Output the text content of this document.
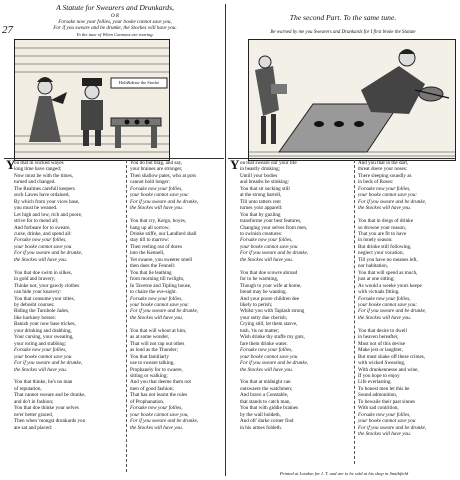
27
A Statute for Swearers and Drunkards,
O R
Forsake now your follies, your booke cannot save you,
For if you sweare and be drunke, the Stockes will have you.
To the tune of When Cannons are roaring.
Hold&draw the Stocke
The second Part. To the same tune.
Be warned by me you Swearers and Drunkards for I first broke the Statute
Y	Y
ou that in wicked wayes
long time have ranged;
Now must be with the times,
turned and changed.
The Realmes carefull keepers
such Lawes have ordained,
By which from your vices base,
you must be weaned.
Let high and low, rich and poore,
strive for to mend all;
And forbeare for to sweare,
curse, drinke, and spend all:
Forsake now your follies,
your booke cannot save you
For if you sweare and be drunke,
the Stockes will have you.

You that doe swim in silkes,
in gold and bravery;
Thinke not, your gawdy clothes
can hide your knavery:
You that consume your stites,
by debosht courses;
Riding the Turnbole Jades,
like hackney horses:
Banish your now base trickes,
your drinking and drabbing,
Your cursing, your swearing,
your roring and stabbing:
Forsake now your follies,
your booke cannot save you
For if you sweare and be drunke,
the Stockes will have you.

You that thinke, he's no man
of reputation,
That cannot sweare and be drunke,
and do't in fashion;
You that doe thinke your selves
ne'er better graced,
Then when 'mongst drunkards you
are sat and placed:
You do but brag, and say,
your braines are stronger,
Then shallow pates, who at pots
cannot hold longer:
Forsake now your follies,
your booke cannot save you:
For if you sweare and be drunke,
the Stockes will have you.

You that cry, Kergo, boyes,
hang up all sorrow;
Drinke stiffe, our Landlord shall
stay till to marrow:
Then reeling out of dores
into the Kennell,
Yet swaere, you sweeter smell
then does the Fennell:
You that lie leathing
from morning till twilight,
In Taverne and Tipling house,
to chaire the eve-sight.
Forsake now your follies,
your booke cannot save you:
For if you sweare and be drunke,
the Stockes will have you.

You that will whoot at him,
as at some wonder,
That will not rap out othes
as loud as the Thunder;
You that familiarly
use to sweare talking,
Prophanely for to swaere,
sitting or walking;
And you that deeme them not
men of good fashion;
That has not learnt the rules
of Prophanation.
Forsake now your follies,
your booke cannot save you,
For if you sweare and be drunke,
the Stockes will have you.
ou that sweare our your life
in beastly drinking;
Untill your bodies
and breaths be stinking:
You that sit sucking still
at the strong barrell,
Till unto tatters rent
turnes your apparell:
You that by guzling
transforme your best features,
Changing your selves from men,
to swinish creatures:
Forsake now your follies,
your booke cannot save you
For if you sweare and be drunke,
the Stockes will have you.

You that doe scowre abroad
for to be warming,
Though to your wife at home,
bread may be wanting.
And your poore children dee
likely to perish;
Whilst you with Taplash strong
your sotty due cherish;
Crying still, let them starve,
tush, 'tis no matter;
Wish drinke thy stuffe my guts,
fare them drinke water.
Forsake now your follies,
your booke cannot save you
For if you sweare and be drunke,
the Stockes will have you.

You that at midnight can
outswaere the watchmen;
And brave a Constable,
that stands to catch man,
You that with giddie braines
by the wall holdeth,
And oft' darke corner find
in his armes foldeth.
And you that in the dart,
threat doere your noses:
There sleeping soundly as
in beds of Roses:
Forsake now your follies,
your booke cannot save you:
For if you sweare and be drunke,
the Stockes will have you.

You that in dregs of drinke
so drowne your reason,
That you are fit to have
in lonely season:
But drinke still following,
neglect your vocation,
Till you have no meanes left,
nor habitation,
You that will spend as much,
just at one sitting;
As would a weeke yours keepe
with victuals fitting.
Forsake now your follies,
your booke cannot save you:
For if you sweare and be drunke,
the Stockes will have you.

You that desire to dwell
in heaven hereafter,
Must not of this devise
Make jest or laughter,
But must shake off these crimes,
with wicked Swearing,
With drunkennesse and wine,
If you hope to enjoy
Life everlasting.
To honest men let this be
Sound admonition,
To bewaile their past sinnes
With sad contrition,
Forsake now your follies,
your booke cannot save you
For if you sweare and be drunke,
the Stockes will have you.
Printed at London for I. T. and are to be sold at his shop in Smithfield
